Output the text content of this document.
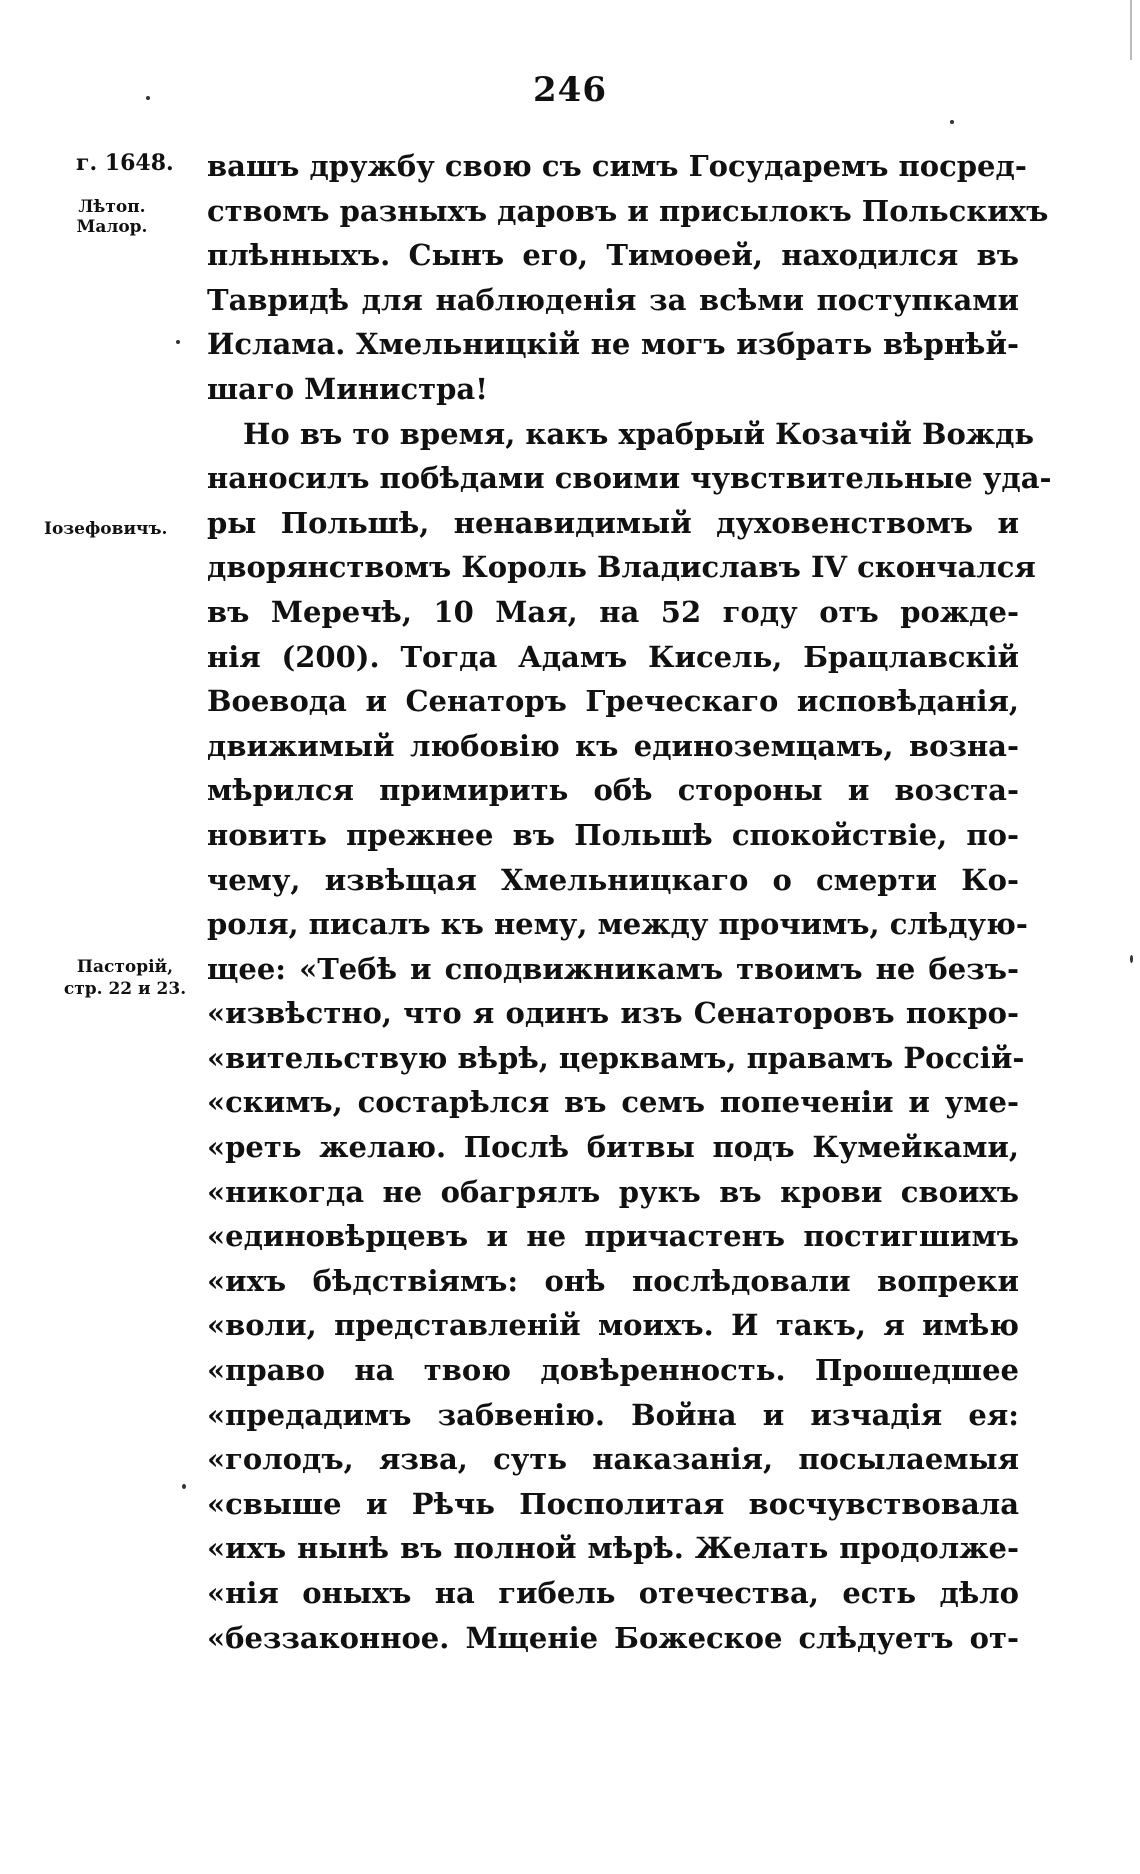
246
г. 1648.
Лѣтоп.
Малор.
Іозефовичъ.
Пасторій,
стр. 22 и 23.
вашъ дружбу свою съ симъ Государемъ посред-
ствомъ разныхъ даровъ и присылокъ Польскихъ
плѣнныхъ. Сынъ его, Тимоѳей, находился въ
Тавридѣ для наблюденія за всѣми поступками
Ислама. Хмельницкій не могъ избрать вѣрнѣй-
шаго Министра!
Но въ то время, какъ храбрый Козачій Вождь
наносилъ побѣдами своими чувствительные уда-
ры Польшѣ, ненавидимый духовенствомъ и
дворянствомъ Король Владиславъ IV скончался
въ Меречѣ, 10 Мая, на 52 году отъ рожде-
нія (200). Тогда Адамъ Кисель, Брацлавскій
Воевода и Сенаторъ Греческаго исповѣданія,
движимый любовію къ единоземцамъ, вознa-
мѣрился примирить обѣ стороны и возста-
новить прежнее въ Польшѣ спокойствіе, по-
чему, извѣщая Хмельницкаго о смерти Ко-
роля, писалъ къ нему, между прочимъ, слѣдую-
щее: «Тебѣ и сподвижникамъ твоимъ не безъ-
«извѣстно, что я одинъ изъ Сенаторовъ покро-
«вительствую вѣрѣ, церквамъ, правамъ Россій-
«скимъ, состарѣлся въ семъ попеченіи и уме-
«реть желаю. Послѣ битвы подъ Кумейками,
«никогда не обагрялъ рукъ въ крови своихъ
«единовѣрцевъ и не причастенъ постигшимъ
«ихъ бѣдствіямъ: онѣ послѣдовали вопреки
«воли, представленій моихъ. И такъ, я имѣю
«право на твою довѣренность. Прошедшее
«предадимъ забвенію. Война и изчадія ея:
«голодъ, язва, суть наказанія, посылаемыя
«свыше и Рѣчь Посполитая восчувствовала
«ихъ нынѣ въ полной мѣрѣ. Желать продолже-
«нія оныхъ на гибель отечества, есть дѣло
«беззаконное. Мщеніе Божеское слѣдуетъ от-
